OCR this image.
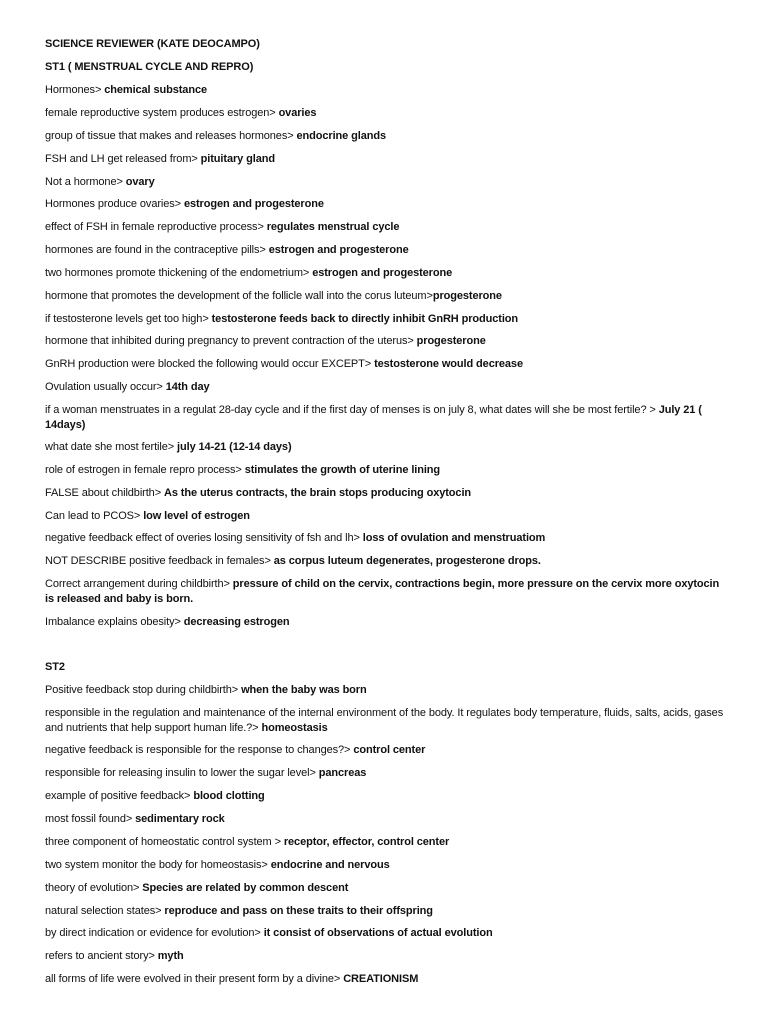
SCIENCE REVIEWER (KATE DEOCAMPO)
ST1 ( MENSTRUAL CYCLE AND REPRO)
Hormones> chemical substance
female reproductive system produces estrogen> ovaries
group of tissue that makes and releases hormones> endocrine glands
FSH and LH get released from> pituitary gland
Not a hormone> ovary
Hormones produce ovaries> estrogen and progesterone
effect of FSH in female reproductive process> regulates menstrual cycle
hormones are found in the contraceptive pills> estrogen and progesterone
two hormones promote thickening of the endometrium> estrogen and progesterone
hormone that promotes the development of the follicle wall into the corus luteum>progesterone
if testosterone levels get too high> testosterone feeds back to directly inhibit GnRH production
hormone that inhibited during pregnancy to prevent contraction of the uterus> progesterone
GnRH production were blocked the following would occur EXCEPT> testosterone would decrease
Ovulation usually occur> 14th day
if a woman menstruates in a regulat 28-day cycle and if the first day of menses is on july 8, what dates will she be most fertile? > July 21 ( 14days)
what date she most fertile> july 14-21 (12-14 days)
role of estrogen in female repro process> stimulates the growth of uterine lining
FALSE about childbirth> As the uterus contracts, the brain stops producing oxytocin
Can lead to PCOS> low level of estrogen
negative feedback effect of overies losing sensitivity of fsh and lh> loss of ovulation and menstruatiom
NOT DESCRIBE positive feedback in females> as corpus luteum degenerates, progesterone drops.
Correct arrangement during childbirth> pressure of child on the cervix, contractions begin, more pressure on the cervix more oxytocin is released and baby is born.
Imbalance explains obesity> decreasing estrogen
ST2
Positive feedback stop during childbirth> when the baby was born
responsible in the regulation and maintenance of the internal environment of the body. It regulates body temperature, fluids, salts, acids, gases and nutrients that help support human life.?> homeostasis
negative feedback is responsible for the response to changes?> control center
responsible for releasing insulin to lower the sugar level> pancreas
example of positive feedback> blood clotting
most fossil found> sedimentary rock
three component of homeostatic control system > receptor, effector, control center
two system monitor the body for homeostasis> endocrine and nervous
theory of evolution> Species are related by common descent
natural selection states> reproduce and pass on these traits to their offspring
by direct indication or evidence for evolution> it consist of observations of actual evolution
refers to ancient story> myth
all forms of life were evolved in their present form by a divine> CREATIONISM
